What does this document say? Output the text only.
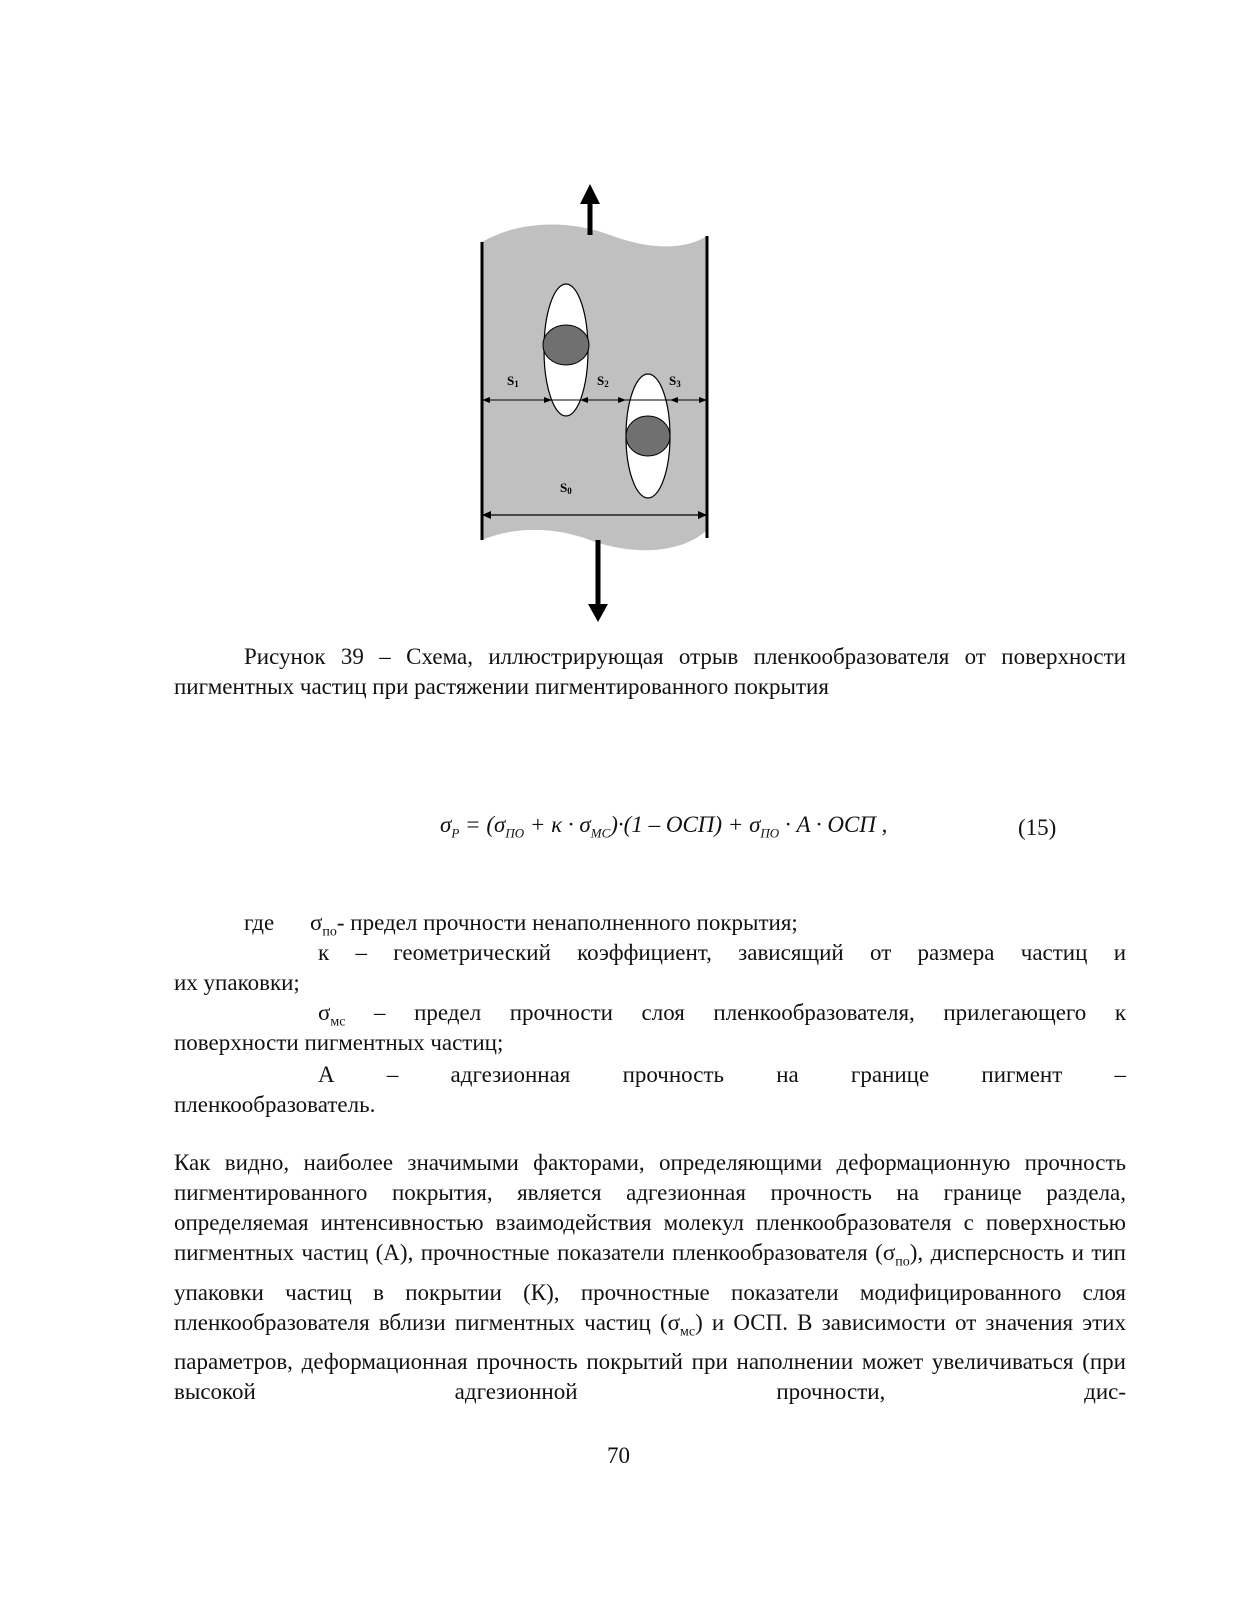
S1	S2	S3
S0

Рисунок 39 – Схема, иллюстрирующая отрыв пленкообразователя от поверхности пигментных частиц при растяжении пигментированного покрытия

$\sigma_P = (\sigma_{ПО} + \kappa \cdot \sigma_{МС})\cdot(1 - ОСП) + \sigma_{ПО} \cdot A$ · ОСП ,	(15)
где $\sigma_{по}-$ предел прочности ненаполненного покрытия;
к – геометрический коэффициент, зависящий от размера частиц и
их упаковки;
$\sigma_{мс}$ – предел прочности слоя пленкообразователя, прилегающего к
поверхности пигментных частиц;
А – адгезионная прочность на границе пигмент –
пленкообразователь.

Как видно, наиболее значимыми факторами, определяющими деформационную прочность пигментированного покрытия, является адгезионная прочность на границе раздела, определяемая интенсивностью взаимодействия молекул пленкообразователя с поверхностью пигментных частиц (А), прочностные показатели пленкообразователя $(\sigma_{по})$, дисперсность и тип упаковки частиц в покрытии (К), прочностные показатели модифицированного слоя пленкообразователя вблизи пигментных частиц $(\sigma_{мс})$ и ОСП. В зависимости от значения этих параметров, деформационная прочность покрытий при наполнении может увеличиваться (при высокой адгезионной прочности, дис-

70
